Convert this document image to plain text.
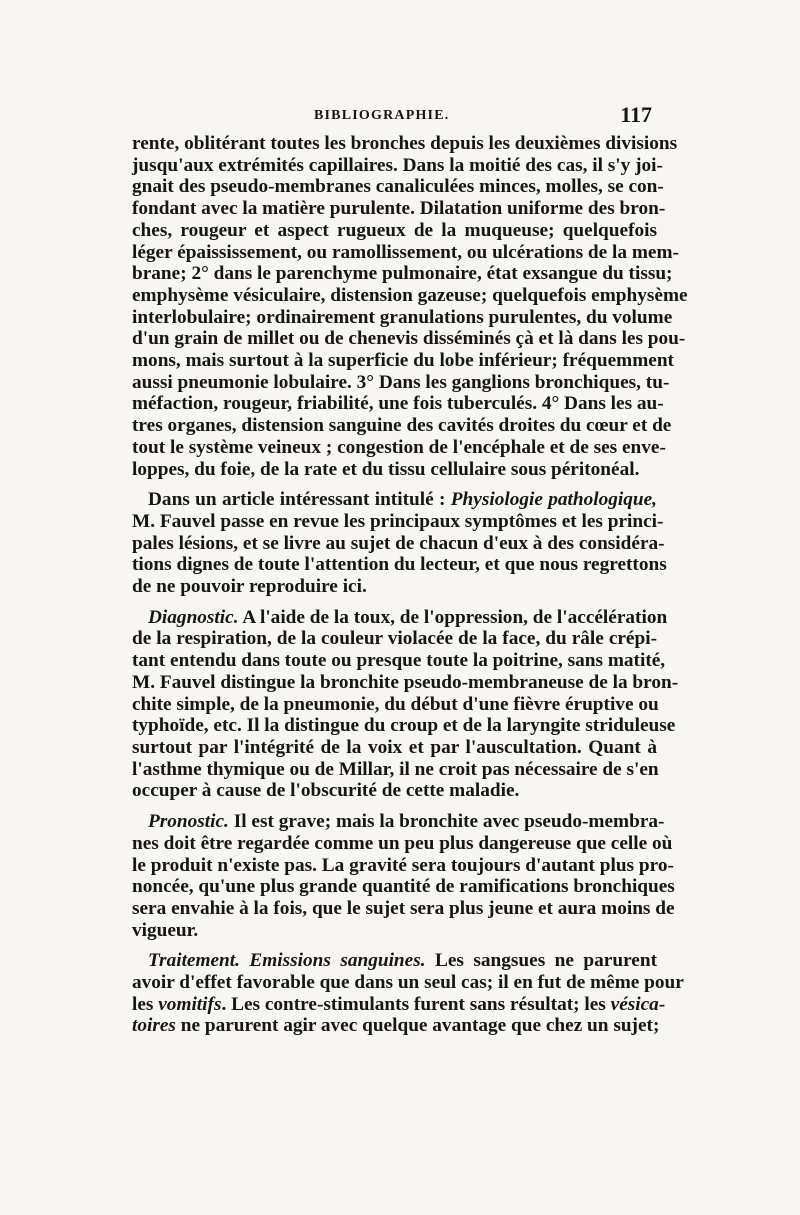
BIBLIOGRAPHIE.	117
rente, oblitérant toutes les bronches depuis les deuxièmes divisions
jusqu'aux extrémités capillaires. Dans la moitié des cas, il s'y joi-
gnait des pseudo-membranes canaliculées minces, molles, se con-
fondant avec la matière purulente. Dilatation uniforme des bron-
ches, rougeur et aspect rugueux de la muqueuse; quelquefois
léger épaississement, ou ramollissement, ou ulcérations de la mem-
brane; 2° dans le parenchyme pulmonaire, état exsangue du tissu;
emphysème vésiculaire, distension gazeuse; quelquefois emphysème
interlobulaire; ordinairement granulations purulentes, du volume
d'un grain de millet ou de chenevis disséminés çà et là dans les pou-
mons, mais surtout à la superficie du lobe inférieur; fréquemment
aussi pneumonie lobulaire. 3° Dans les ganglions bronchiques, tu-
méfaction, rougeur, friabilité, une fois tuberculés. 4° Dans les au-
tres organes, distension sanguine des cavités droites du cœur et de
tout le système veineux ; congestion de l'encéphale et de ses enve-
loppes, du foie, de la rate et du tissu cellulaire sous péritonéal.
Dans un article intéressant intitulé : Physiologie pathologique,
M. Fauvel passe en revue les principaux symptômes et les princi-
pales lésions, et se livre au sujet de chacun d'eux à des considéra-
tions dignes de toute l'attention du lecteur, et que nous regrettons
de ne pouvoir reproduire ici.
Diagnostic. A l'aide de la toux, de l'oppression, de l'accélération
de la respiration, de la couleur violacée de la face, du râle crépi-
tant entendu dans toute ou presque toute la poitrine, sans matité,
M. Fauvel distingue la bronchite pseudo-membraneuse de la bron-
chite simple, de la pneumonie, du début d'une fièvre éruptive ou
typhoïde, etc. Il la distingue du croup et de la laryngite striduleuse
surtout par l'intégrité de la voix et par l'auscultation. Quant à
l'asthme thymique ou de Millar, il ne croit pas nécessaire de s'en
occuper à cause de l'obscurité de cette maladie.
Pronostic. Il est grave; mais la bronchite avec pseudo-membra-
nes doit être regardée comme un peu plus dangereuse que celle où
le produit n'existe pas. La gravité sera toujours d'autant plus pro-
noncée, qu'une plus grande quantité de ramifications bronchiques
sera envahie à la fois, que le sujet sera plus jeune et aura moins de
vigueur.
Traitement. Emissions sanguines. Les sangsues ne parurent
avoir d'effet favorable que dans un seul cas; il en fut de même pour
les vomitifs. Les contre-stimulants furent sans résultat; les vésica-
toires ne parurent agir avec quelque avantage que chez un sujet;
